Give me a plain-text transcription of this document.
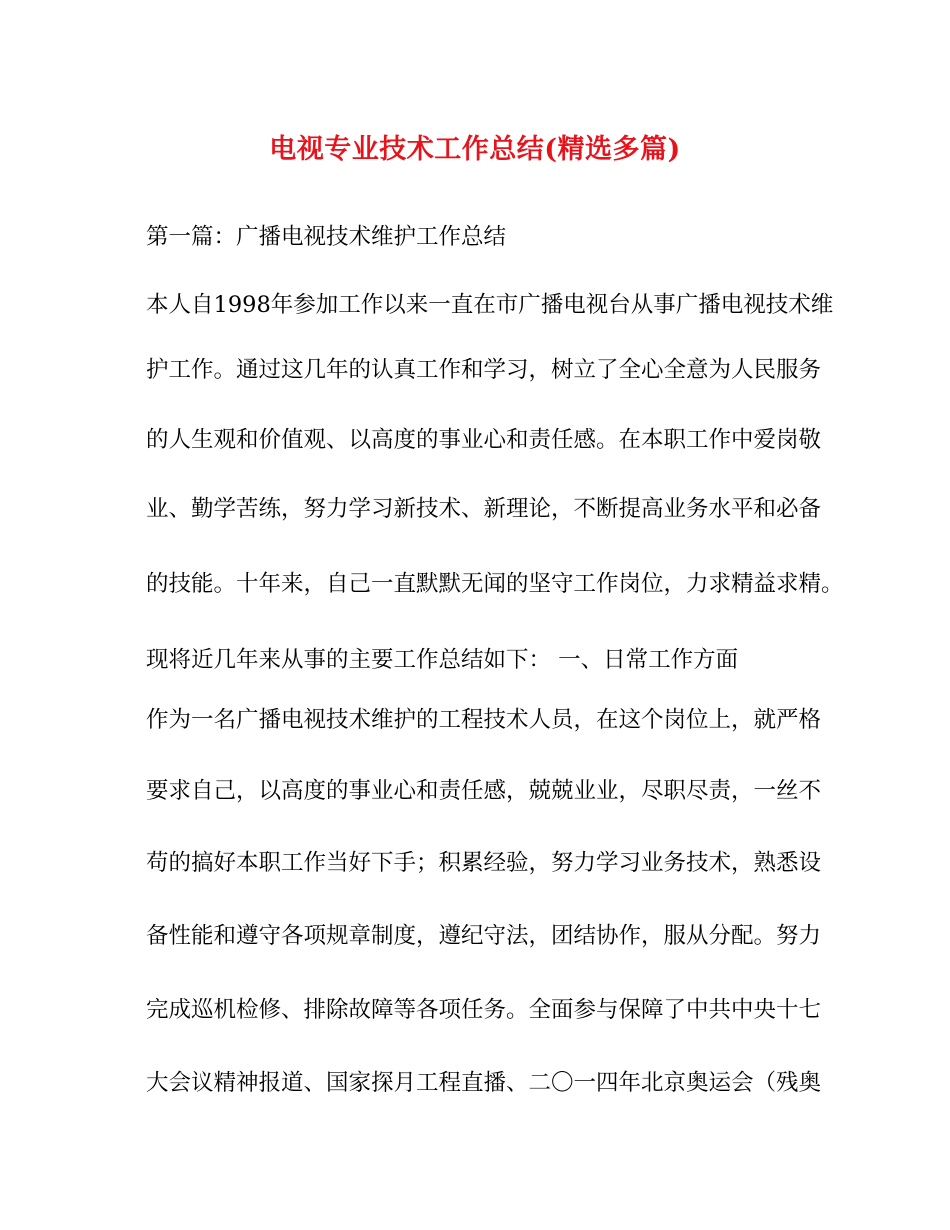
电视专业技术工作总结(精选多篇)

第一篇：广播电视技术维护工作总结

本人自1998年参加工作以来一直在市广播电视台从事广播电视技术维

护工作。通过这几年的认真工作和学习，树立了全心全意为人民服务

的人生观和价值观、以高度的事业心和责任感。在本职工作中爱岗敬

业、勤学苦练，努力学习新技术、新理论，不断提高业务水平和必备

的技能。十年来，自己一直默默无闻的坚守工作岗位，力求精益求精。

现将近几年来从事的主要工作总结如下： 一、日常工作方面

作为一名广播电视技术维护的工程技术人员，在这个岗位上，就严格

要求自己，以高度的事业心和责任感，兢兢业业，尽职尽责，一丝不

苟的搞好本职工作当好下手；积累经验，努力学习业务技术，熟悉设

备性能和遵守各项规章制度，遵纪守法，团结协作，服从分配。努力

完成巡机检修、排除故障等各项任务。全面参与保障了中共中央十七

大会议精神报道、国家探月工程直播、二〇一四年北京奥运会（残奥
